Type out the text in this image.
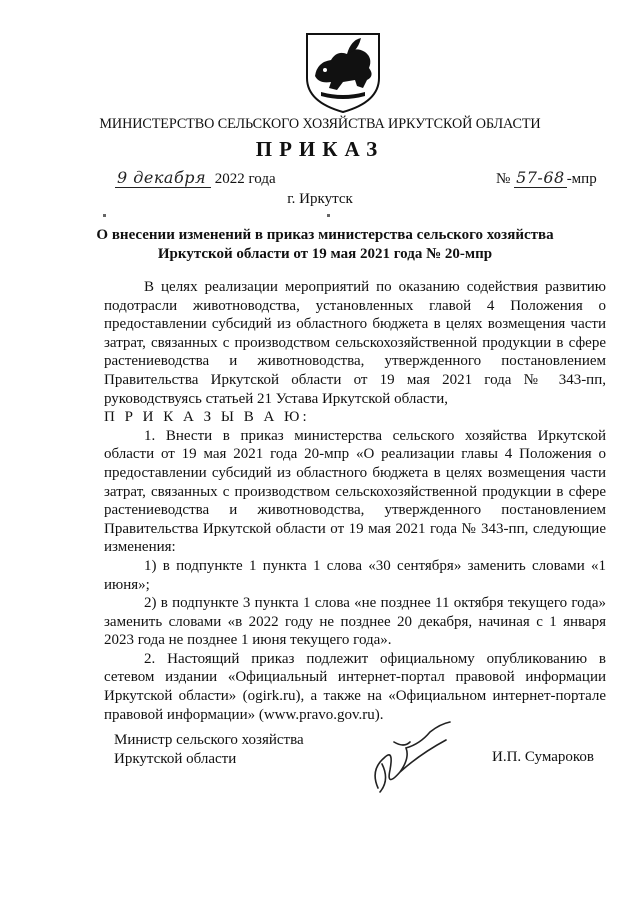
МИНИСТЕРСТВО СЕЛЬСКОГО ХОЗЯЙСТВА ИРКУТСКОЙ ОБЛАСТИ
ПРИКАЗ
9 декабря 2022 года	№ 57-68 -мпр
г. Иркутск
О внесении изменений в приказ министерства сельского хозяйства
Иркутской области от 19 мая 2021 года № 20-мпр

В целях реализации мероприятий по оказанию содействия развитию подотрасли животноводства, установленных главой 4 Положения о предоставлении субсидий из областного бюджета в целях возмещения части затрат, связанных с производством сельскохозяйственной продукции в сфере растениеводства и животноводства, утвержденного постановлением Правительства Иркутской области от 19 мая 2021 года № 343-пп, руководствуясь статьей 21 Устава Иркутской области,

П Р И К А З Ы В А Ю:

1. Внести в приказ министерства сельского хозяйства Иркутской области от 19 мая 2021 года 20-мпр «О реализации главы 4 Положения о предоставлении субсидий из областного бюджета в целях возмещения части затрат, связанных с производством сельскохозяйственной продукции в сфере растениеводства и животноводства, утвержденного постановлением Правительства Иркутской области от 19 мая 2021 года № 343-пп, следующие изменения:

1) в подпункте 1 пункта 1 слова «30 сентября» заменить словами «1 июня»;

2) в подпункте 3 пункта 1 слова «не позднее 11 октября текущего года» заменить словами «в 2022 году не позднее 20 декабря, начиная с 1 января 2023 года не позднее 1 июня текущего года».

2. Настоящий приказ подлежит официальному опубликованию в сетевом издании «Официальный интернет-портал правовой информации Иркутской области» (ogirk.ru), а также на «Официальном интернет-портале правовой информации» (www.pravo.gov.ru).

Министр сельского хозяйства
Иркутской области	И.П. Сумароков
